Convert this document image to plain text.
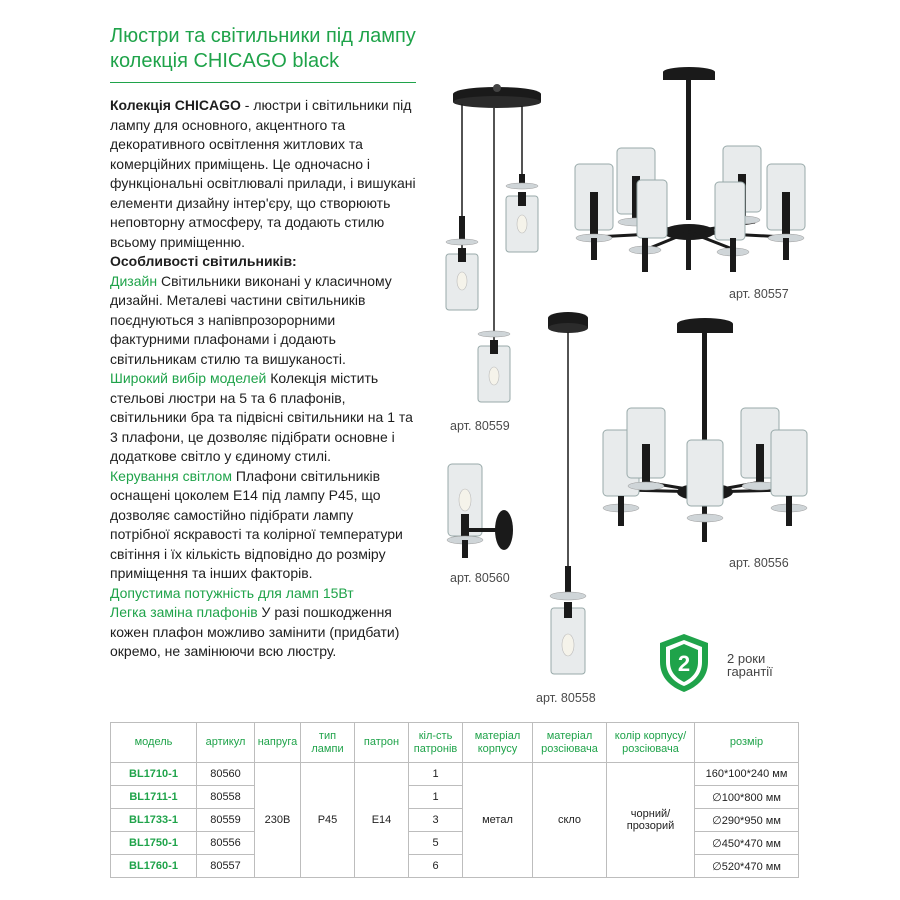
Люстри та світильники під лампу
колекція CHICAGO black

Колекція CHICAGO - люстри і світильники під лампу для основного, акцентного та декоративного освітлення житлових та комерційних приміщень. Це одночасно і функціональні освітлювалі прилади, і вишукані елементи дизайну інтер'єру, що створюють неповторну атмосферу, та додають стилю всьому приміщенню.

Особливості світильників:

Дизайн Світильники виконані у класичному дизайні. Металеві частини світильників поєднуються з напівпрозорорними фактурними плафонами і додають світильникам стилю та вишуканості.

Широкий вибір моделей Колекція містить стельові люстри на 5 та 6 плафонів, світильники бра та підвісні світильники на 1 та 3 плафони, це дозволяє підібрати основне і додаткове світло у єдиному стилі.

Керування світлом Плафони світильників оснащені цоколем Е14 під лампу Р45, що дозволяє самостійно підібрати лампу потрібної яскравості та колірної температури світіння і їх кількість відповідно до розміру приміщення та інших факторів.

Допустима потужність для ламп 15Вт

Легка заміна плафонів У разі пошкодження кожен плафон можливо замінити (придбати) окремо, не замінюючи всю люстру.

арт. 80559
арт. 80557
арт. 80556
арт. 80560
арт. 80558
2	2 роки
гарантії
модель	артикул	напруга	тип лампи	патрон	кіл-сть патронів	матеріал корпусу	матеріал розсіювача	колір корпусу/ розсіювача	розмір
BL1710-1	80560	230В	P45	E14	1	метал	скло	чорний/ прозорий	160*100*240 мм
BL1711-1	80558				1				∅100*800 мм
BL1733-1	80559				3				∅290*950 мм
BL1750-1	80556				5				∅450*470 мм
BL1760-1	80557				6				∅520*470 мм
